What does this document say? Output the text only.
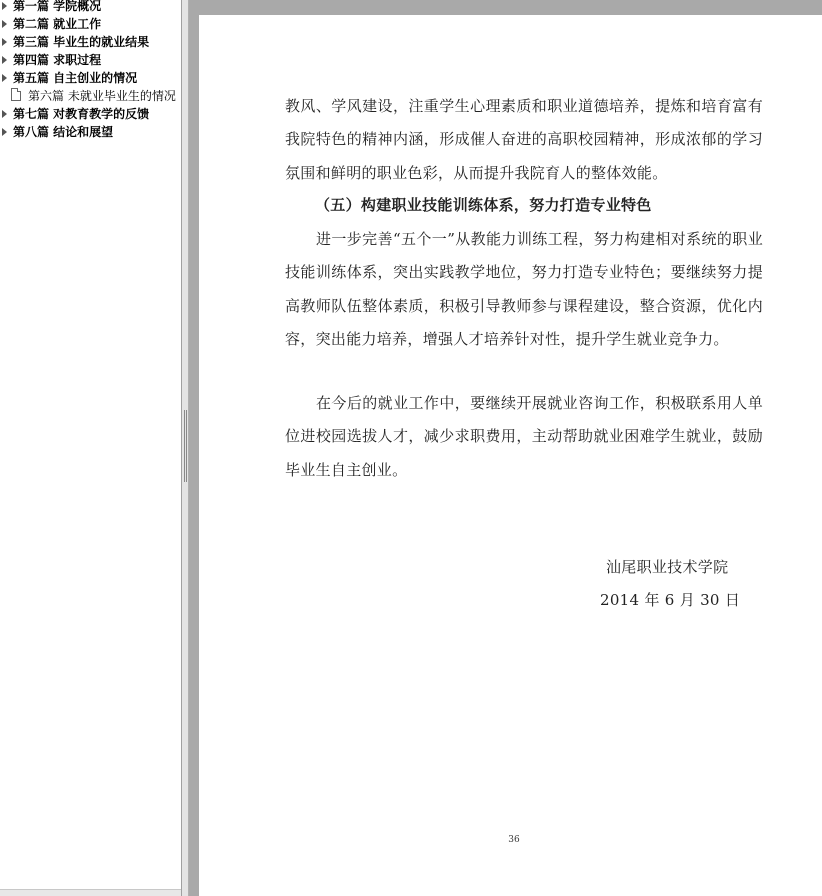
第一篇 学院概况
第二篇 就业工作
第三篇 毕业生的就业结果
第四篇 求职过程
第五篇 自主创业的情况
第六篇 未就业毕业生的情况
第七篇 对教育教学的反馈
第八篇 结论和展望

教风、学风建设，注重学生心理素质和职业道德培养，提炼和培育富有我院特色的精神内涵，形成催人奋进的高职校园精神，形成浓郁的学习氛围和鲜明的职业色彩，从而提升我院育人的整体效能。

（五）构建职业技能训练体系，努力打造专业特色

进一步完善“五个一”从教能力训练工程，努力构建相对系统的职业技能训练体系，突出实践教学地位，努力打造专业特色；要继续努力提高教师队伍整体素质，积极引导教师参与课程建设，整合资源，优化内容，突出能力培养，增强人才培养针对性，提升学生就业竞争力。

在今后的就业工作中，要继续开展就业咨询工作，积极联系用人单位进校园选拔人才，减少求职费用，主动帮助就业困难学生就业，鼓励毕业生自主创业。

汕尾职业技术学院
2014 年 6 月 30 日
36
